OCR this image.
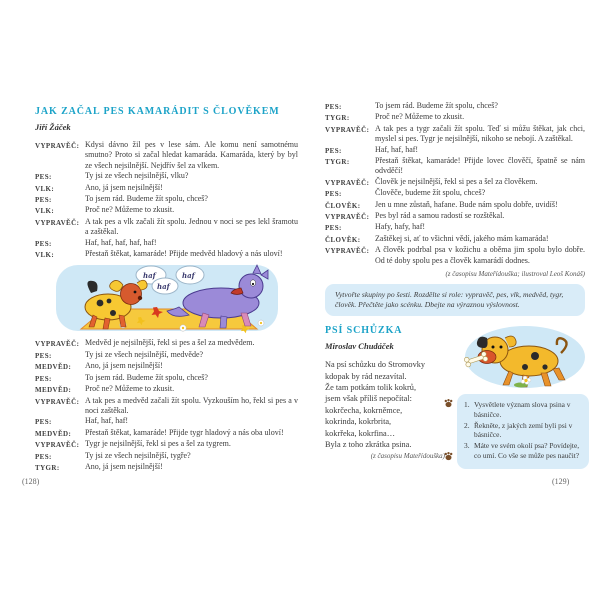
JAK ZAČAL PES KAMARÁDIT S ČLOVĚKEM
Jiří Žáček
VYPRAVĚČ: Kdysi dávno žil pes v lese sám. Ale komu není samotnému smutno? Proto si začal hledat kamaráda. Kamaráda, který by byl ze všech nejsilnější. Nejdřív šel za vlkem.
PES:	Ty jsi ze všech nejsilnější, vlku?
VLK:	Ano, já jsem nejsilnější!
PES:	To jsem rád. Budeme žít spolu, chceš?
VLK:	Proč ne? Můžeme to zkusit.
VYPRAVĚČ: A tak pes a vlk začali žít spolu. Jednou v noci se pes lekl šramotu a zaštěkal.
PES:	Haf, haf, haf, haf, haf!
VLK:	Přestaň štěkat, kamaráde! Přijde medvěd hladový a nás uloví!
haf
haf
haf
VYPRAVĚČ: Medvěd je nejsilnější, řekl si pes a šel za medvědem.
PES:	Ty jsi ze všech nejsilnější, medvěde?
MEDVĚD:	Ano, já jsem nejsilnější!
PES:	To jsem rád. Budeme žít spolu, chceš?
MEDVĚD:	Proč ne? Můžeme to zkusit.
VYPRAVĚČ: A tak pes a medvěd začali žít spolu. Vyzkouším ho, řekl si pes a v noci zaštěkal.
PES:	Haf, haf, haf!
MEDVĚD:	Přestaň štěkat, kamaráde! Přijde tygr hladový a nás oba uloví!
VYPRAVĚČ: Tygr je nejsilnější, řekl si pes a šel za tygrem.
PES:	Ty jsi ze všech nejsilnější, tygře?
TYGR:	Ano, já jsem nejsilnější!
PES:	To jsem rád. Budeme žít spolu, chceš?
TYGR:	Proč ne? Můžeme to zkusit.
VYPRAVĚČ: A tak pes a tygr začali žít spolu. Teď si můžu štěkat, jak chci, myslel si pes. Tygr je nejsilnější, nikoho se nebojí. A zaštěkal.
PES:	Haf, haf, haf!
TYGR:	Přestaň štěkat, kamaráde! Přijde lovec člověčí, špatně se nám odvděčí!
VYPRAVĚČ: Člověk je nejsilnější, řekl si pes a šel za člověkem.
PES:	Člověče, budeme žít spolu, chceš?
ČLOVĚK:	Jen u mne zůstaň, hafane. Bude nám spolu dobře, uvidíš!
VYPRAVĚČ: Pes byl rád a samou radostí se rozštěkal.
PES:	Hafy, hafy, haf!
ČLOVĚK:	Zaštěkej si, ať to všichni vědí, jakého mám kamaráda!
VYPRAVĚČ: A člověk podrbal psa v kožichu a oběma jim spolu bylo dobře. Od té doby spolu pes a člověk kamarádí dodnes.
(z časopisu Mateřídouška; ilustroval Leoš Konáš)
Vytvořte skupiny po šesti. Rozdělte si role: vypravěč, pes, vlk, medvěd, tygr, člověk. Přečtěte jako scénku. Dbejte na výraznou výslovnost.
PSÍ SCHŮZKA
Miroslav Chudáček
Na psí schůzku do Stromovky
kdopak by rád nezavítal.
Že tam potkám tolik kokrů,
jsem však příliš nepočítal:
kokrčecha, kokrněmce,
kokrinda, kokrbrita,
kokrřeka, kokrfina…
Byla z toho zkrátka psina.
(z časopisu Mateřídouška)
1. Vysvětlete význam slova psina v básničce.
2. Řekněte, z jakých zemí byli psi v básničce.
3. Máte ve svém okolí psa? Povídejte, co umí. Co vše se může pes naučit?
(128)	(129)
